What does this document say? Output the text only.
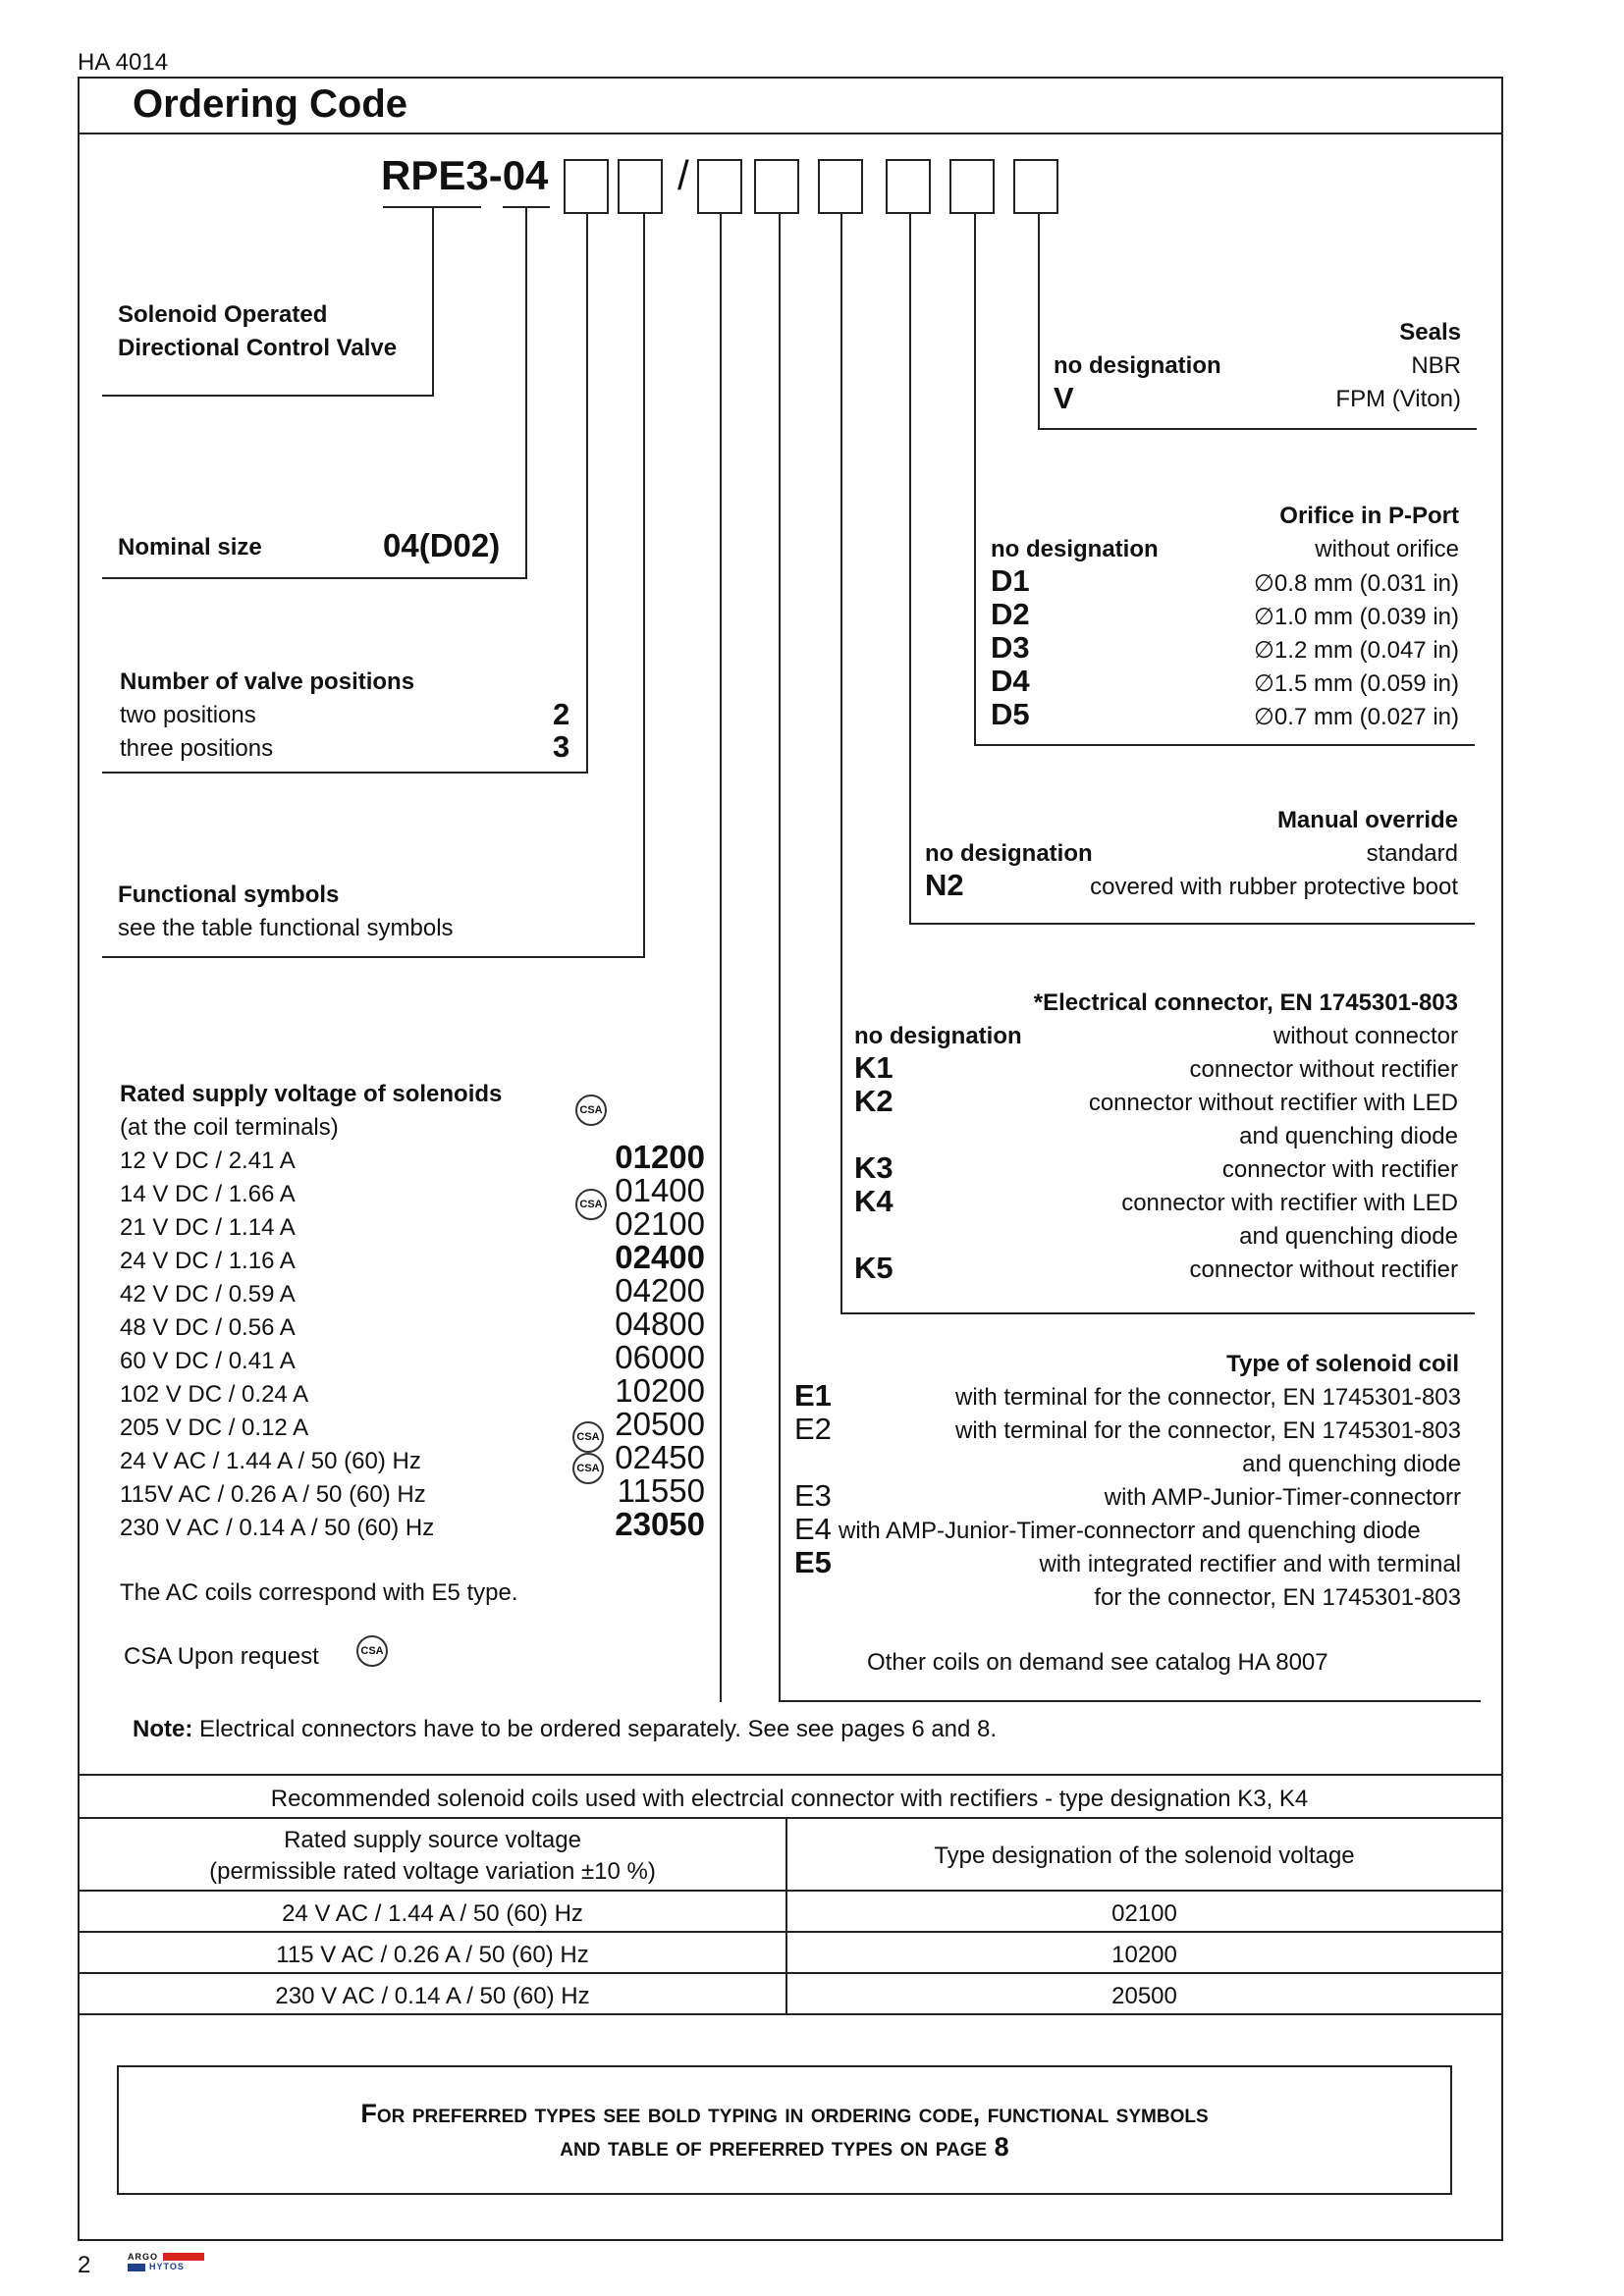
HA 4014
Ordering Code
RPE3-04	/
Solenoid Operated
Directional Control Valve
Nominal size	04(D02)
Number of valve positions
two positions	2
three positions	3
Functional symbols
see the table functional symbols
Rated supply voltage of solenoids
(at the coil terminals)
CSA
12 V DC / 2.41 A	01200
14 V DC / 1.66 A	01400
CSA
21 V DC / 1.14 A	02100
24 V DC / 1.16 A	02400
42 V DC / 0.59 A	04200
48 V DC / 0.56 A	04800
60 V DC / 0.41 A	06000
102 V DC / 0.24 A	10200
205 V DC / 0.12 A	20500
CSA
24 V AC / 1.44 A / 50 (60) Hz	02450
CSA
115V AC / 0.26 A / 50 (60) Hz	11550
230 V AC / 0.14 A / 50 (60) Hz	23050
The AC coils correspond with E5 type.
CSA Upon request	CSA
Seals
no designation	NBR
V	FPM (Viton)
Orifice in P-Port
no designation	without orifice
D1	∅0.8 mm (0.031 in)
D2	∅1.0 mm (0.039 in)
D3	∅1.2 mm (0.047 in)
D4	∅1.5 mm (0.059 in)
D5	∅0.7 mm (0.027 in)
Manual override
no designation	standard
N2	covered with rubber protective boot
*Electrical connector, EN 1745301-803
no designation	without connector
K1	connector without rectifier
K2	connector without rectifier with LED
and quenching diode
K3	connector with rectifier
K4	connector with rectifier with LED
and quenching diode
K5	connector without rectifier
Type of solenoid coil
E1	with terminal for the connector, EN 1745301-803
E2	with terminal for the connector, EN 1745301-803
and quenching diode
E3	with AMP-Junior-Timer-connectorr
E4 with AMP-Junior-Timer-connectorr and quenching diode
E5	with integrated rectifier and with terminal
for the connector, EN 1745301-803
Other coils on demand see catalog HA 8007
Note: Electrical connectors have to be ordered separately. See see pages 6 and 8.
Recommended solenoid coils used with electrcial connector with rectifiers - type designation K3, K4
Rated supply source voltage
(permissible rated voltage variation ±10 %)
Type designation of the solenoid voltage
24 V AC / 1.44 A / 50 (60) Hz	02100
115 V AC / 0.26 A / 50 (60) Hz	10200
230 V AC / 0.14 A / 50 (60) Hz	20500
For preferred types see bold typing in ordering code, functional symbols
and table of preferred types on page 8
2	ARGO
HYTOS
